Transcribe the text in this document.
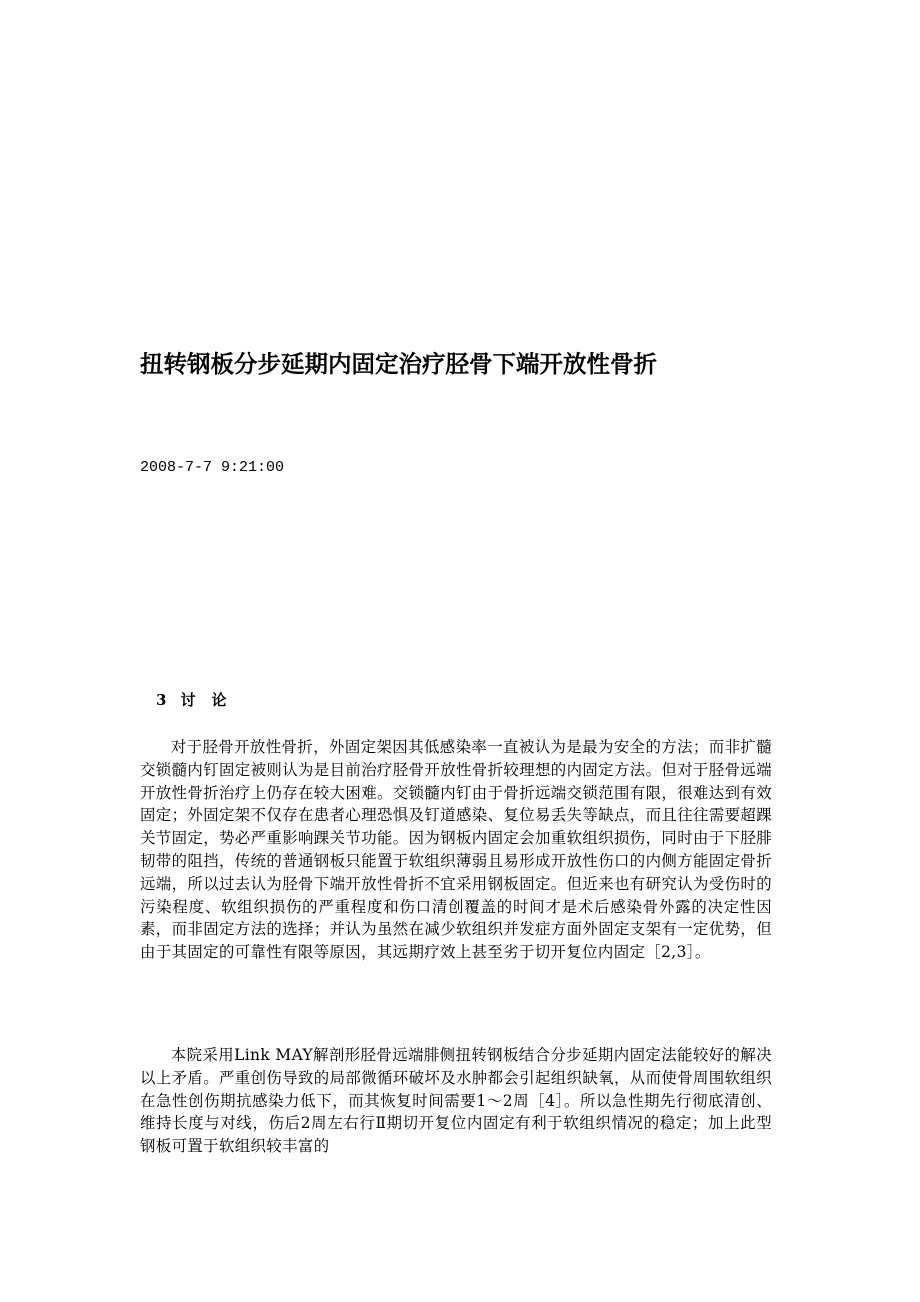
扭转钢板分步延期内固定治疗胫骨下端开放性骨折

2008-7-7 9:21:00

3 讨 论

对于胫骨开放性骨折，外固定架因其低感染率一直被认为是最为安全的方法；而非扩髓交锁髓内钉固定被则认为是目前治疗胫骨开放性骨折较理想的内固定方法。但对于胫骨远端开放性骨折治疗上仍存在较大困难。交锁髓内钉由于骨折远端交锁范围有限，很难达到有效固定；外固定架不仅存在患者心理恐惧及钉道感染、复位易丢失等缺点，而且往往需要超踝关节固定，势必严重影响踝关节功能。因为钢板内固定会加重软组织损伤，同时由于下胫腓韧带的阻挡，传统的普通钢板只能置于软组织薄弱且易形成开放性伤口的内侧方能固定骨折远端，所以过去认为胫骨下端开放性骨折不宜采用钢板固定。但近来也有研究认为受伤时的污染程度、软组织损伤的严重程度和伤口清创覆盖的时间才是术后感染骨外露的决定性因素，而非固定方法的选择；并认为虽然在减少软组织并发症方面外固定支架有一定优势，但由于其固定的可靠性有限等原因，其远期疗效上甚至劣于切开复位内固定［2,3］。

本院采用Link MAY解剖形胫骨远端腓侧扭转钢板结合分步延期内固定法能较好的解决以上矛盾。严重创伤导致的局部微循环破坏及水肿都会引起组织缺氧，从而使骨周围软组织在急性创伤期抗感染力低下，而其恢复时间需要1～2周［4］。所以急性期先行彻底清创、维持长度与对线，伤后2周左右行Ⅱ期切开复位内固定有利于软组织情况的稳定；加上此型钢板可置于软组织较丰富的
